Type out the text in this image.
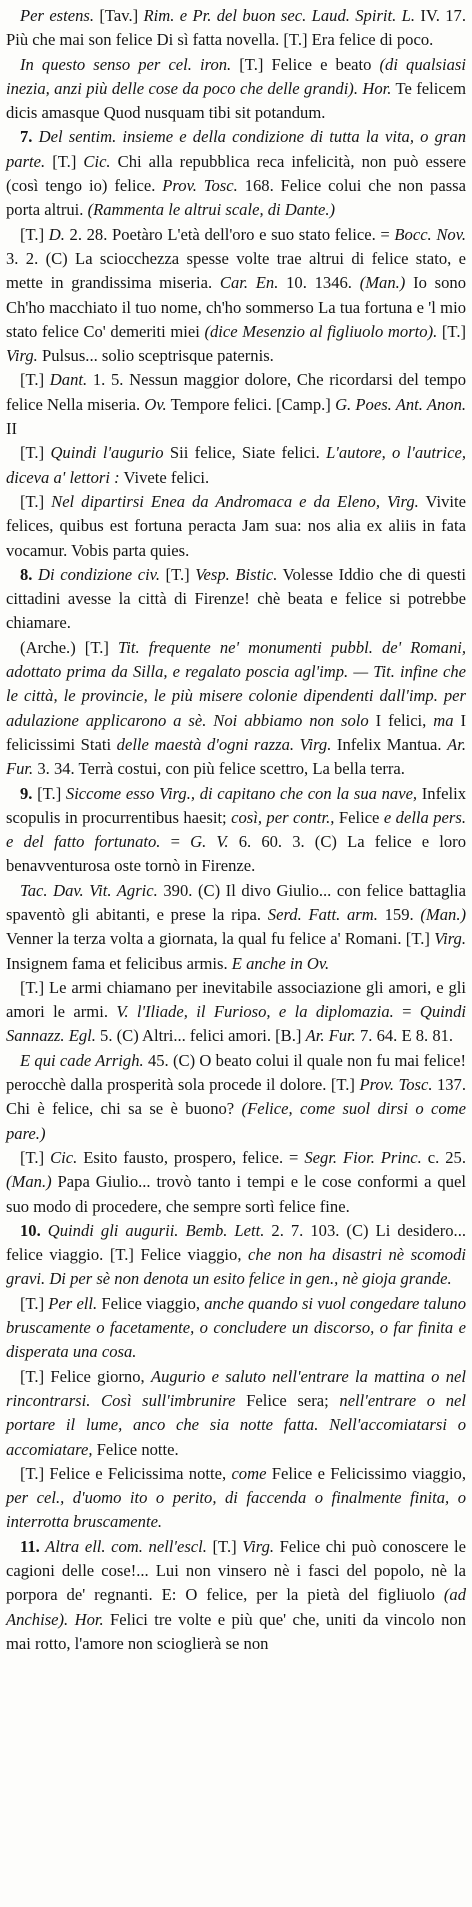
Per estens. [Tav.] Rim. e Pr. del buon sec. Laud. Spirit. L. IV. 17. Più che mai son felice Di sì fatta novella. [T.] Era felice di poco.

In questo senso per cel. iron. [T.] Felice e beato (di qualsiasi inezia, anzi più delle cose da poco che delle grandi). Hor. Te felicem dicis amasque Quod nusquam tibi sit potandum.

7. Del sentim. insieme e della condizione di tutta la vita, o gran parte. [T.] Cic. Chi alla repubblica reca infelicità, non può essere (così tengo io) felice. Prov. Tosc. 168. Felice colui che non passa porta altrui. (Rammenta le altrui scale, di Dante.)

[T.] D. 2. 28. Poetàro L'età dell'oro e suo stato felice. = Bocc. Nov. 3. 2. (C) La sciocchezza spesse volte trae altrui di felice stato, e mette in grandissima miseria. Car. En. 10. 1346. (Man.) Io sono Ch'ho macchiato il tuo nome, ch'ho sommerso La tua fortuna e 'l mio stato felice Co' demeriti miei (dice Mesenzio al figliuolo morto). [T.] Virg. Pulsus... solio sceptrisque paternis.

[T.] Dant. 1. 5. Nessun maggior dolore, Che ricordarsi del tempo felice Nella miseria. Ov. Tempore felici. [Camp.] G. Poes. Ant. Anon. II

[T.] Quindi l'augurio Sii felice, Siate felici. L'autore, o l'autrice, diceva a' lettori : Vivete felici.

[T.] Nel dipartirsi Enea da Andromaca e da Eleno, Virg. Vivite felices, quibus est fortuna peracta Jam sua: nos alia ex aliis in fata vocamur. Vobis parta quies.

8. Di condizione civ. [T.] Vesp. Bistic. Volesse Iddio che di questi cittadini avesse la città di Firenze! chè beata e felice si potrebbe chiamare.

(Arche.) [T.] Tit. frequente ne' monumenti pubbl. de' Romani, adottato prima da Silla, e regalato poscia agl'imp. — Tit. infine che le città, le provincie, le più misere colonie dipendenti dall'imp. per adulazione applicarono a sè. Noi abbiamo non solo I felici, ma I felicissimi Stati delle maestà d'ogni razza. Virg. Infelix Mantua. Ar. Fur. 3. 34. Terrà costui, con più felice scettro, La bella terra.

9. [T.] Siccome esso Virg., di capitano che con la sua nave, Infelix scopulis in procurrentibus haesit; così, per contr., Felice e della pers. e del fatto fortunato. = G. V. 6. 60. 3. (C) La felice e loro benavventurosa oste tornò in Firenze.

Tac. Dav. Vit. Agric. 390. (C) Il divo Giulio... con felice battaglia spaventò gli abitanti, e prese la ripa. Serd. Fatt. arm. 159. (Man.) Venner la terza volta a giornata, la qual fu felice a' Romani. [T.] Virg. Insignem fama et felicibus armis. E anche in Ov.

[T.] Le armi chiamano per inevitabile associazione gli amori, e gli amori le armi. V. l'Iliade, il Furioso, e la diplomazia. = Quindi Sannazz. Egl. 5. (C) Altri... felici amori. [B.] Ar. Fur. 7. 64. E 8. 81.

E qui cade Arrigh. 45. (C) O beato colui il quale non fu mai felice! perocchè dalla prosperità sola procede il dolore. [T.] Prov. Tosc. 137. Chi è felice, chi sa se è buono? (Felice, come suol dirsi o come pare.)

[T.] Cic. Esito fausto, prospero, felice. = Segr. Fior. Princ. c. 25. (Man.) Papa Giulio... trovò tanto i tempi e le cose conformi a quel suo modo di procedere, che sempre sortì felice fine.

10. Quindi gli augurii. Bemb. Lett. 2. 7. 103. (C) Li desidero... felice viaggio. [T.] Felice viaggio, che non ha disastri nè scomodi gravi. Di per sè non denota un esito felice in gen., nè gioja grande.

[T.] Per ell. Felice viaggio, anche quando si vuol congedare taluno bruscamente o facetamente, o concludere un discorso, o far finita e disperata una cosa.

[T.] Felice giorno, Augurio e saluto nell'entrare la mattina o nel rincontrarsi. Così sull'imbrunire Felice sera; nell'entrare o nel portare il lume, anco che sia notte fatta. Nell'accomiatarsi o accomiatare, Felice notte.

[T.] Felice e Felicissima notte, come Felice e Felicissimo viaggio, per cel., d'uomo ito o perito, di faccenda o finalmente finita, o interrotta bruscamente.

11. Altra ell. com. nell'escl. [T.] Virg. Felice chi può conoscere le cagioni delle cose!... Lui non vinsero nè i fasci del popolo, nè la porpora de' regnanti. E: O felice, per la pietà del figliuolo (ad Anchise). Hor. Felici tre volte e più que' che, uniti da vincolo non mai rotto, l'amore non scioglierà se non
